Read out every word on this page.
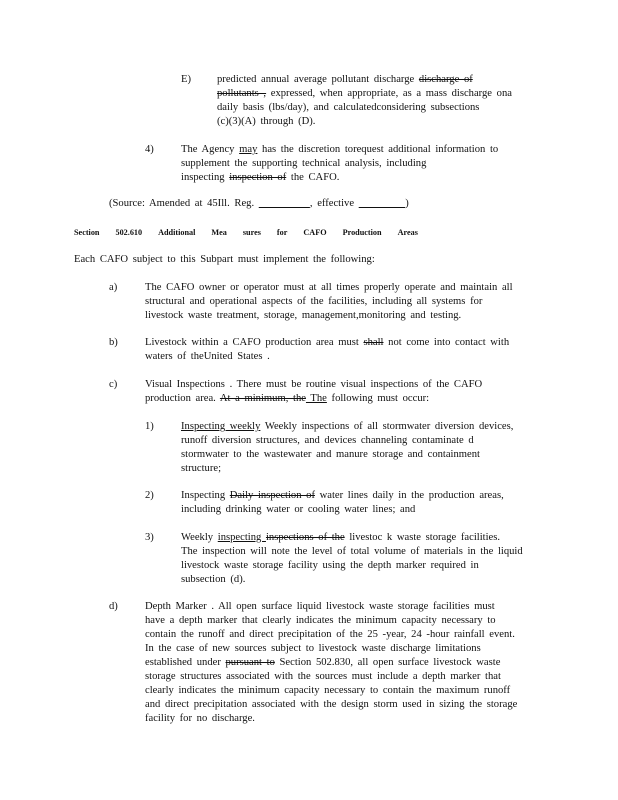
E) predicted annual average pollutant discharge discharge of
pollutants , expressed, when appropriate, as a mass discharge ona
daily basis (lbs/day), and calculatedconsidering subsections
(c)(3)(A) through (D).
4)	The Agency may has the discretion torequest additional information to
supplement the supporting technical analysis, including
inspecting inspection of the CAFO.
(Source: Amended at 45Ill. Reg.	, effective	)
Section 502.610 Additional Mea sures for CAFO Production Areas
Each CAFO subject to this Subpart must implement the following:
a)	The CAFO owner or operator must at all times properly operate and maintain all
structural and operational aspects of the facilities, including all systems for
livestock waste treatment, storage, management,monitoring and testing.
b)	Livestock within a CAFO production area must shall not come into contact with
waters of theUnited States .
c)	Visual Inspections . There must be routine visual inspections of the CAFO
production area. At a minimum, the The following must occur:
1)	Inspecting weekly Weekly inspections of all stormwater diversion devices,
runoff diversion structures, and devices channeling contaminate d
stormwater to the wastewater and manure storage and containment
structure;
2)	Inspecting Daily inspection of water lines daily in the production areas,
including drinking water or cooling water lines; and
3)	Weekly inspecting inspections of the livestoc k waste storage facilities.
The inspection will note the level of total volume of materials in the liquid
livestock waste storage facility using the depth marker required in
subsection (d).
d)	Depth Marker . All open surface liquid livestock waste storage facilities must
have a depth marker that clearly indicates the minimum capacity necessary to
contain the runoff and direct precipitation of the 25 -year, 24 -hour rainfall event.
In the case of new sources subject to livestock waste discharge limitations
established under pursuant to Section 502.830, all open surface livestock waste
storage structures associated with the sources must include a depth marker that
clearly indicates the minimum capacity necessary to contain the maximum runoff
and direct precipitation associated with the design storm used in sizing the storage
facility for no discharge.
